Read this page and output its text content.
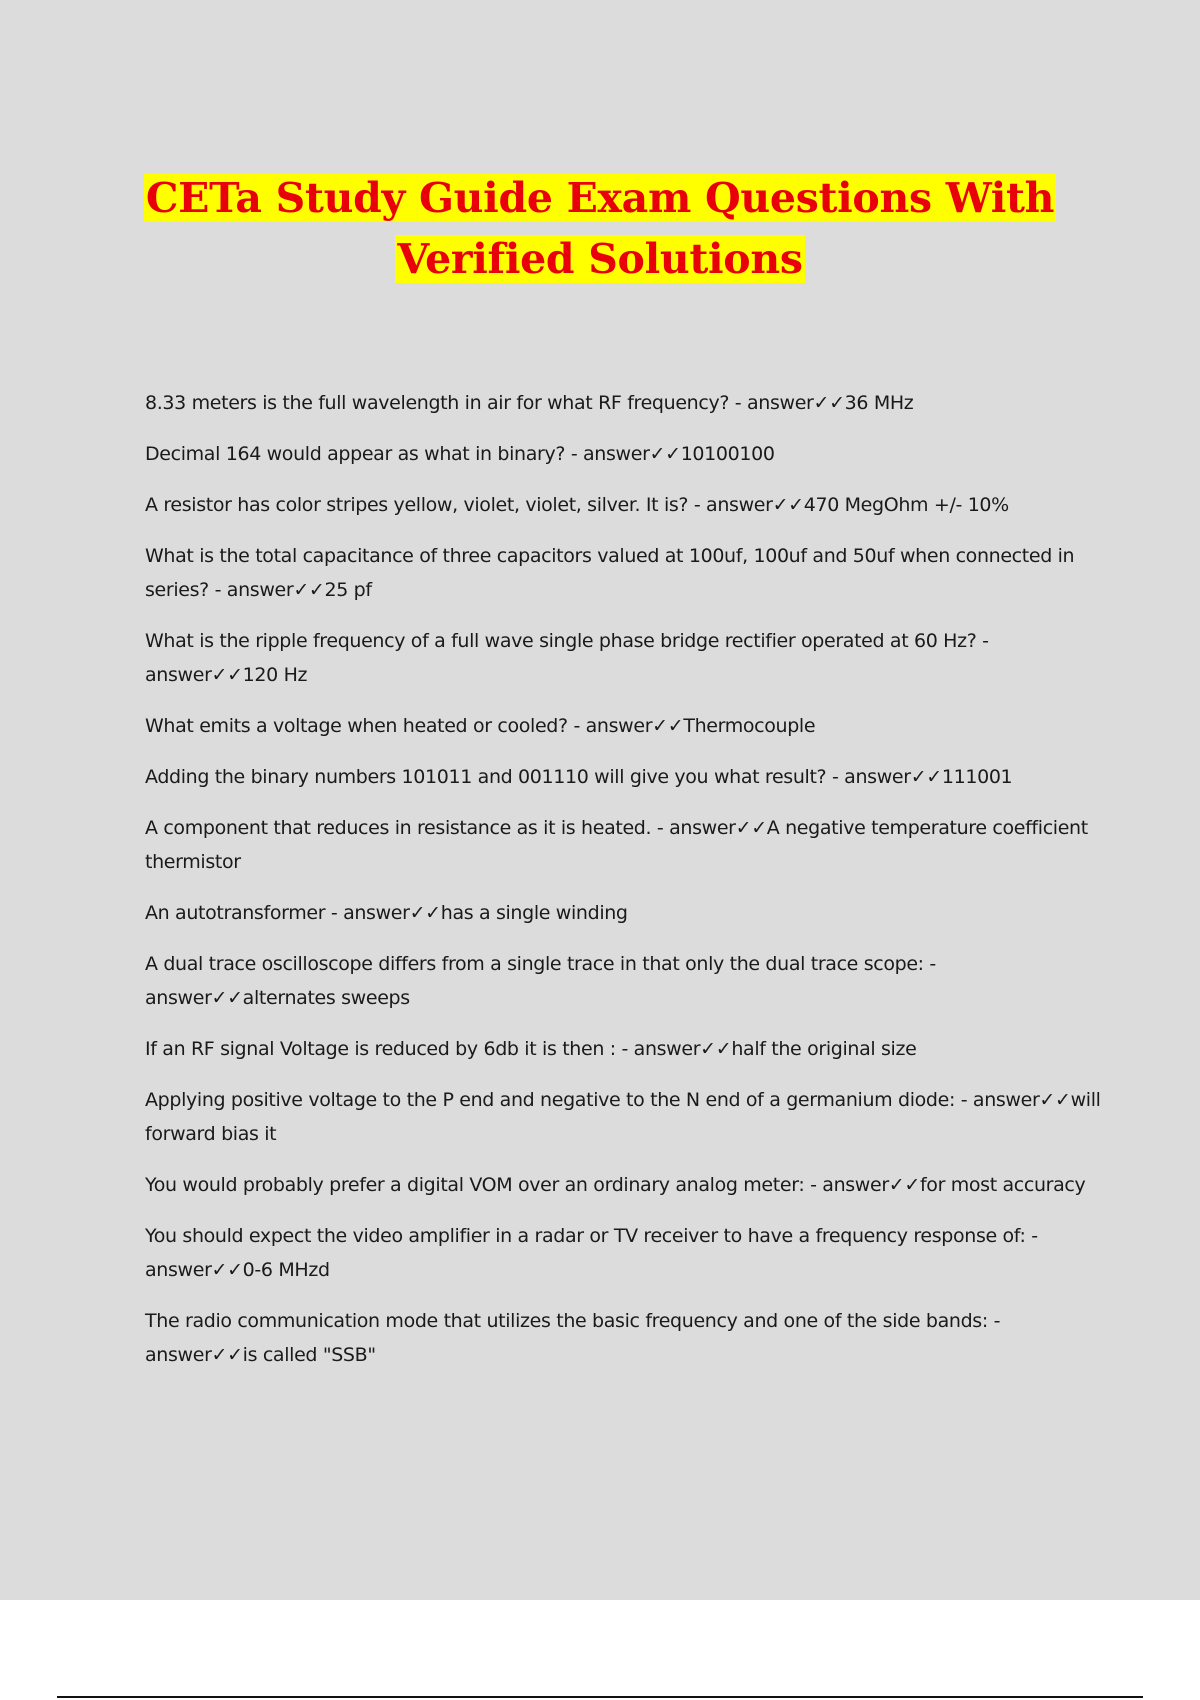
CETa Study Guide Exam Questions With
Verified Solutions
8.33 meters is the full wavelength in air for what RF frequency? - answer✓✓36 MHz
Decimal 164 would appear as what in binary? - answer✓✓10100100
A resistor has color stripes yellow, violet, violet, silver. It is? - answer✓✓470 MegOhm +/- 10%
What is the total capacitance of three capacitors valued at 100uf, 100uf and 50uf when connected in series? - answer✓✓25 pf
What is the ripple frequency of a full wave single phase bridge rectifier operated at 60 Hz? - answer✓✓120 Hz
What emits a voltage when heated or cooled? - answer✓✓Thermocouple
Adding the binary numbers 101011 and 001110 will give you what result? - answer✓✓111001
A component that reduces in resistance as it is heated. - answer✓✓A negative temperature coefficient thermistor
An autotransformer - answer✓✓has a single winding
A dual trace oscilloscope differs from a single trace in that only the dual trace scope: - answer✓✓alternates sweeps
If an RF signal Voltage is reduced by 6db it is then : - answer✓✓half the original size
Applying positive voltage to the P end and negative to the N end of a germanium diode: - answer✓✓will forward bias it
You would probably prefer a digital VOM over an ordinary analog meter: - answer✓✓for most accuracy
You should expect the video amplifier in a radar or TV receiver to have a frequency response of: - answer✓✓0-6 MHzd
The radio communication mode that utilizes the basic frequency and one of the side bands: - answer✓✓is called "SSB"
